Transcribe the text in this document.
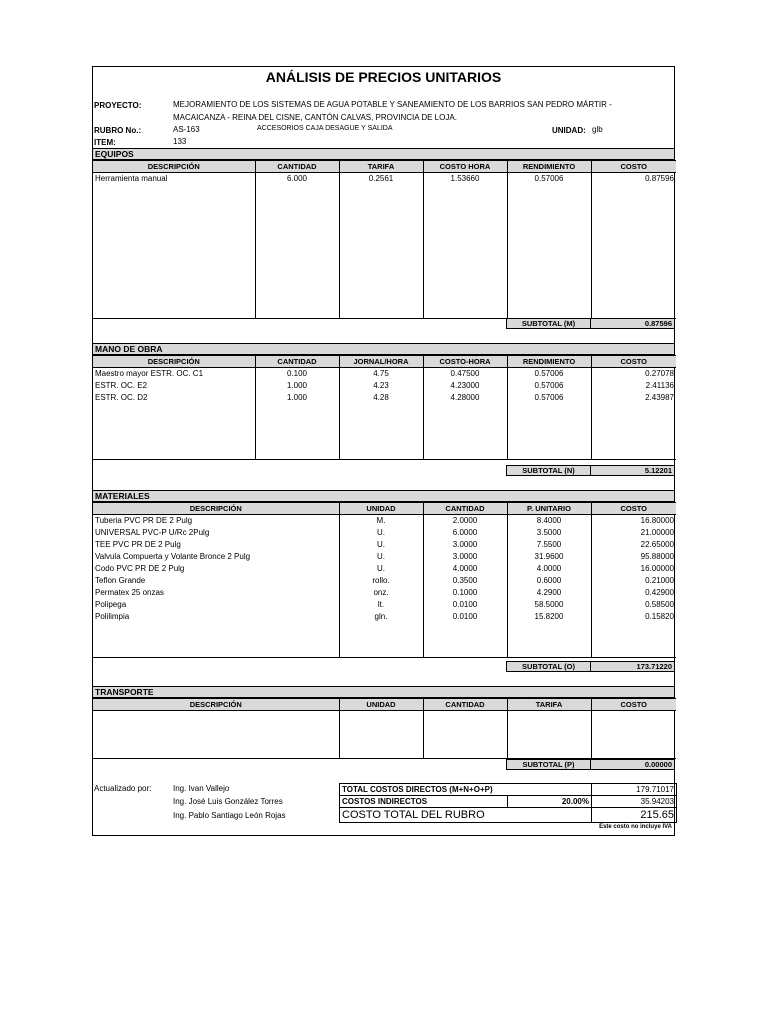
ANÁLISIS DE PRECIOS UNITARIOS
PROYECTO:	MEJORAMIENTO DE LOS SISTEMAS DE AGUA POTABLE Y SANEAMIENTO DE LOS BARRIOS SAN PEDRO MÁRTIR -
MACAICANZA - REINA DEL CISNE, CANTÓN CALVAS, PROVINCIA DE LOJA.
RUBRO No.:	AS-163	ACCESORIOS CAJA DESAGUE Y SALIDA	UNIDAD: glb
ITEM:	133
EQUIPOS
DESCRIPCIÓN	CANTIDAD	TARIFA	COSTO HORA	RENDIMIENTO	COSTO
Herramienta manual	6.000	0.2561	1.53660	0.57006	0.87596

SUBTOTAL (M)	0.87596
MANO DE OBRA
DESCRIPCIÓN	CANTIDAD	JORNAL/HORA	COSTO-HORA	RENDIMIENTO	COSTO
Maestro mayor ESTR. OC. C1	0.100	4.75	0.47500	0.57006	0.27078
ESTR. OC. E2	1.000	4.23	4.23000	0.57006	2.41136
ESTR. OC. D2	1.000	4.28	4.28000	0.57006	2.43987

SUBTOTAL (N)	5.12201
MATERIALES
DESCRIPCIÓN	UNIDAD	CANTIDAD	P. UNITARIO	COSTO
Tuberia PVC PR DE 2 Pulg	M.	2.0000	8.4000	16.80000
UNIVERSAL PVC-P U/Rc 2Pulg	U.	6.0000	3.5000	21.00000
TEE PVC PR DE 2 Pulg	U.	3.0000	7.5500	22.65000
Valvula Compuerta y Volante Bronce 2 Pulg	U.	3.0000	31.9600	95.88000
Codo PVC PR DE 2 Pulg	U.	4.0000	4.0000	16.00000
Teflon Grande	rollo.	0.3500	0.6000	0.21000
Permatex 25 onzas	onz.	0.1000	4.2900	0.42900
Polipega	lt.	0.0100	58.5000	0.58500
Polilimpia	gln.	0.0100	15.8200	0.15820

SUBTOTAL (O)	173.71220
TRANSPORTE
DESCRIPCIÓN	UNIDAD	CANTIDAD	TARIFA	COSTO

SUBTOTAL (P)	0.00000
Actualizado por:	Ing. Ivan Vallejo
Ing. José Luis González Torres
Ing. Pablo Santiago León Rojas
TOTAL COSTOS DIRECTOS (M+N+O+P)		179.71017
COSTOS INDIRECTOS	20.00%	35.94203
COSTO TOTAL DEL RUBRO		215.65
Este costo no incluye IVA
